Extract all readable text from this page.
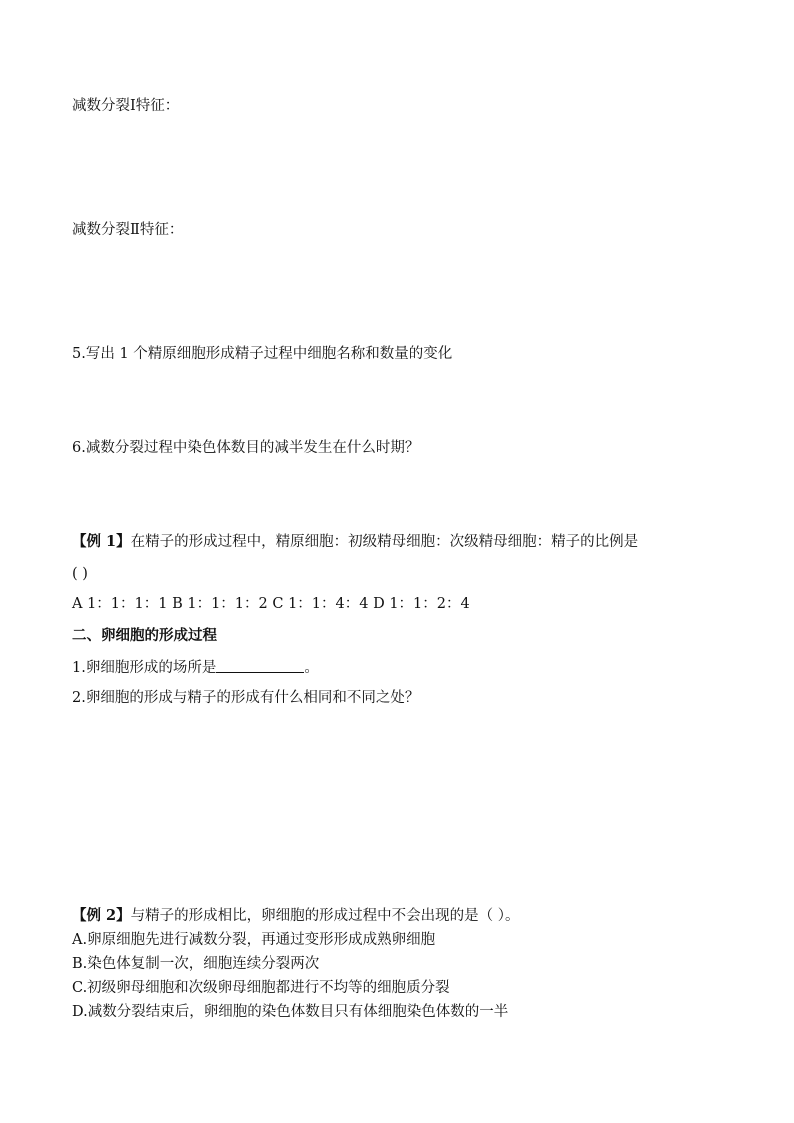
减数分裂Ⅰ特征：
减数分裂Ⅱ特征：
5.写出 1 个精原细胞形成精子过程中细胞名称和数量的变化
6.减数分裂过程中染色体数目的减半发生在什么时期？
【例 1】在精子的形成过程中，精原细胞：初级精母细胞：次级精母细胞：精子的比例是
( )
A 1：1：1：1 B 1：1：1：2 C 1：1：4：4 D 1：1：2：4
二、卵细胞的形成过程
1.卵细胞形成的场所是	。
2.卵细胞的形成与精子的形成有什么相同和不同之处？
【例 2】与精子的形成相比，卵细胞的形成过程中不会出现的是（ ）。
A.卵原细胞先进行减数分裂，再通过变形形成成熟卵细胞
B.染色体复制一次，细胞连续分裂两次
C.初级卵母细胞和次级卵母细胞都进行不均等的细胞质分裂
D.减数分裂结束后，卵细胞的染色体数目只有体细胞染色体数的一半
